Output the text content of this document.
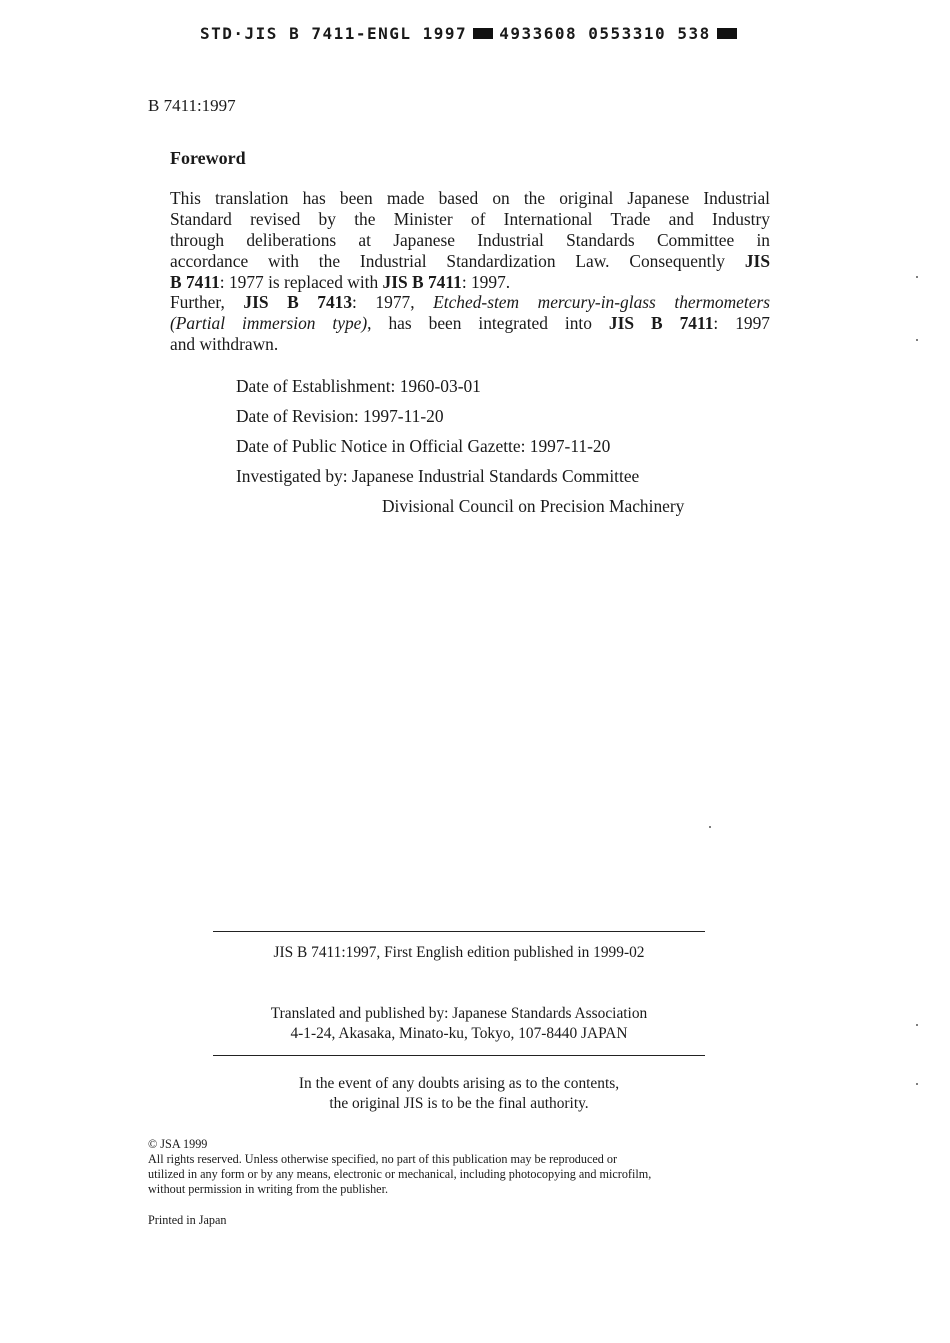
STD·JIS B 7411-ENGL 1997 4933608 0553310 538
B 7411:1997
Foreword
This translation has been made based on the original Japanese Industrial
Standard revised by the Minister of International Trade and Industry
through deliberations at Japanese Industrial Standards Committee in
accordance with the Industrial Standardization Law. Consequently JIS
B 7411: 1977 is replaced with JIS B 7411: 1997.
Further, JIS B 7413: 1977, Etched-stem mercury-in-glass thermometers
(Partial immersion type), has been integrated into JIS B 7411: 1997
and withdrawn.
Date of Establishment: 1960-03-01
Date of Revision: 1997-11-20
Date of Public Notice in Official Gazette: 1997-11-20
Investigated by: Japanese Industrial Standards Committee
Divisional Council on Precision Machinery
JIS B 7411:1997, First English edition published in 1999-02
Translated and published by: Japanese Standards Association
4-1-24, Akasaka, Minato-ku, Tokyo, 107-8440 JAPAN
In the event of any doubts arising as to the contents,
the original JIS is to be the final authority.
© JSA 1999
All rights reserved. Unless otherwise specified, no part of this publication may be reproduced or
utilized in any form or by any means, electronic or mechanical, including photocopying and microfilm,
without permission in writing from the publisher.
Printed in Japan
